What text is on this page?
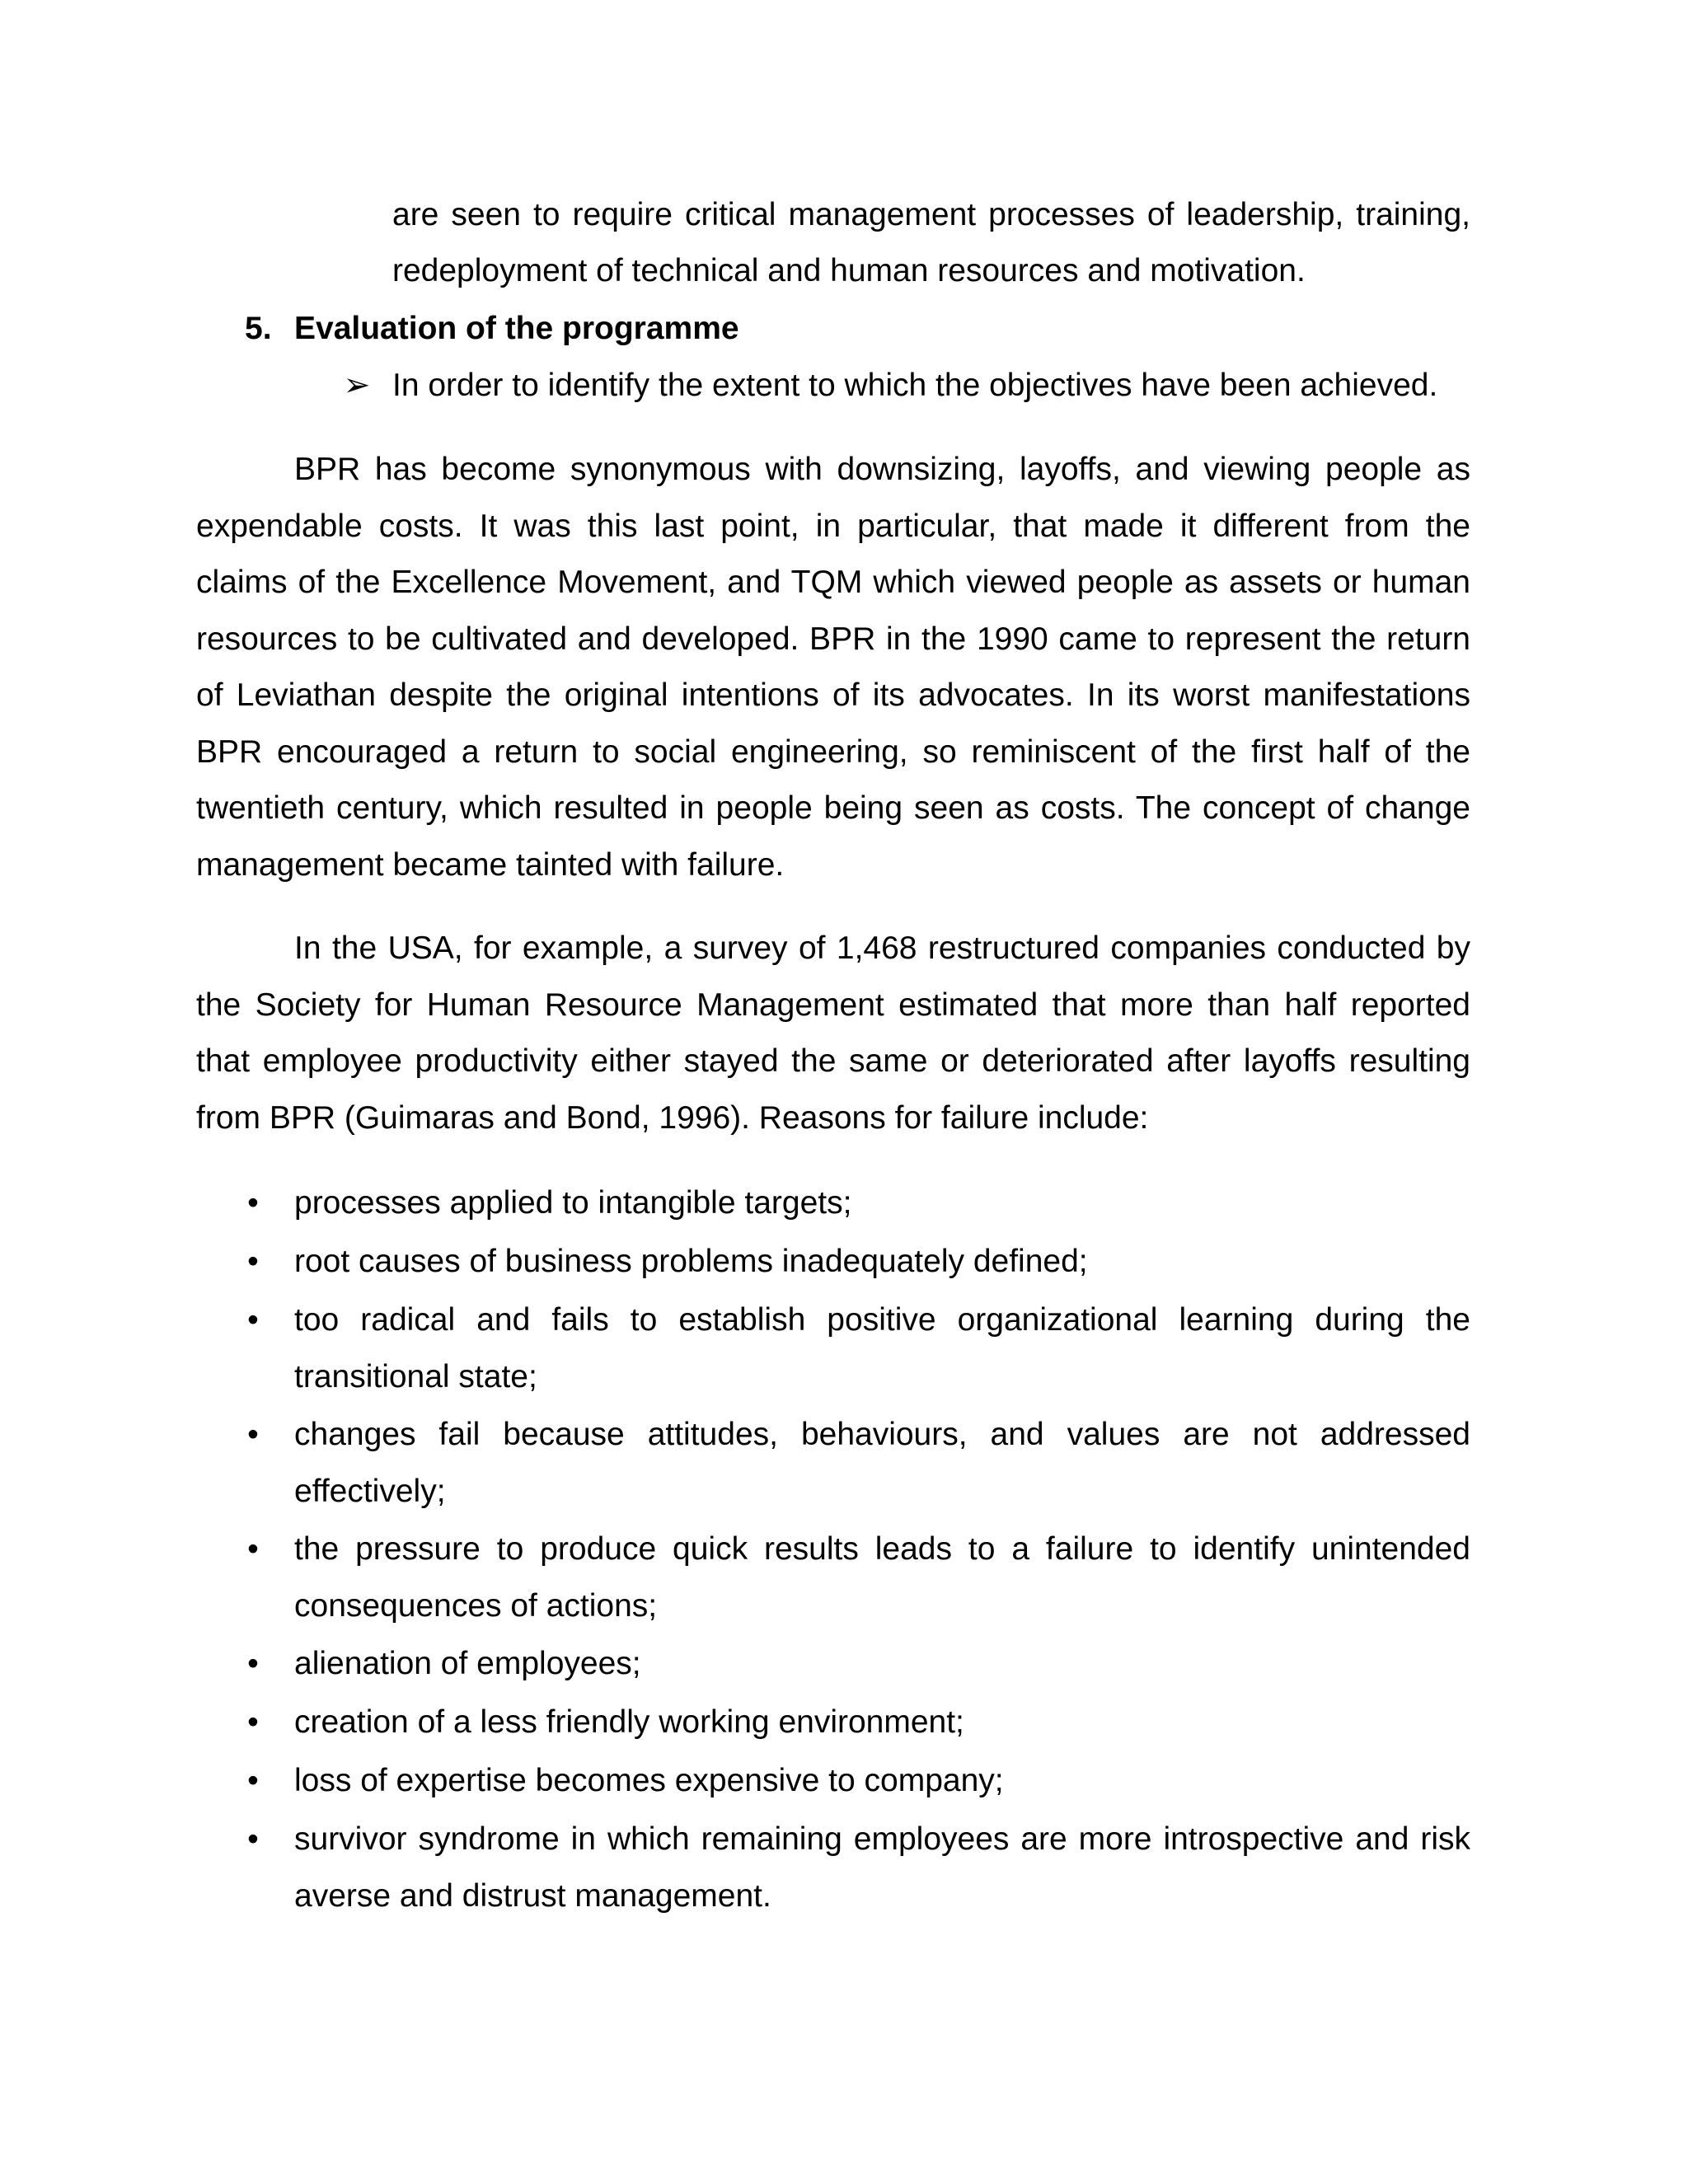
are seen to require critical management processes of leadership, training,
redeployment of technical and human resources and motivation.
5. Evaluation of the programme
➢ In order to identify the extent to which the objectives have been achieved.
BPR has become synonymous with downsizing, layoffs, and viewing people as
expendable costs. It was this last point, in particular, that made it different from the
claims of the Excellence Movement, and TQM which viewed people as assets or human
resources to be cultivated and developed. BPR in the 1990 came to represent the return
of Leviathan despite the original intentions of its advocates. In its worst manifestations
BPR encouraged a return to social engineering, so reminiscent of the first half of the
twentieth century, which resulted in people being seen as costs. The concept of change
management became tainted with failure.
In the USA, for example, a survey of 1,468 restructured companies conducted by
the Society for Human Resource Management estimated that more than half reported
that employee productivity either stayed the same or deteriorated after layoffs resulting
from BPR (Guimaras and Bond, 1996). Reasons for failure include:
• processes applied to intangible targets;
• root causes of business problems inadequately defined;
• too radical and fails to establish positive organizational learning during the
transitional state;
• changes fail because attitudes, behaviours, and values are not addressed
effectively;
• the pressure to produce quick results leads to a failure to identify unintended
consequences of actions;
• alienation of employees;
• creation of a less friendly working environment;
• loss of expertise becomes expensive to company;
• survivor syndrome in which remaining employees are more introspective and risk
averse and distrust management.
